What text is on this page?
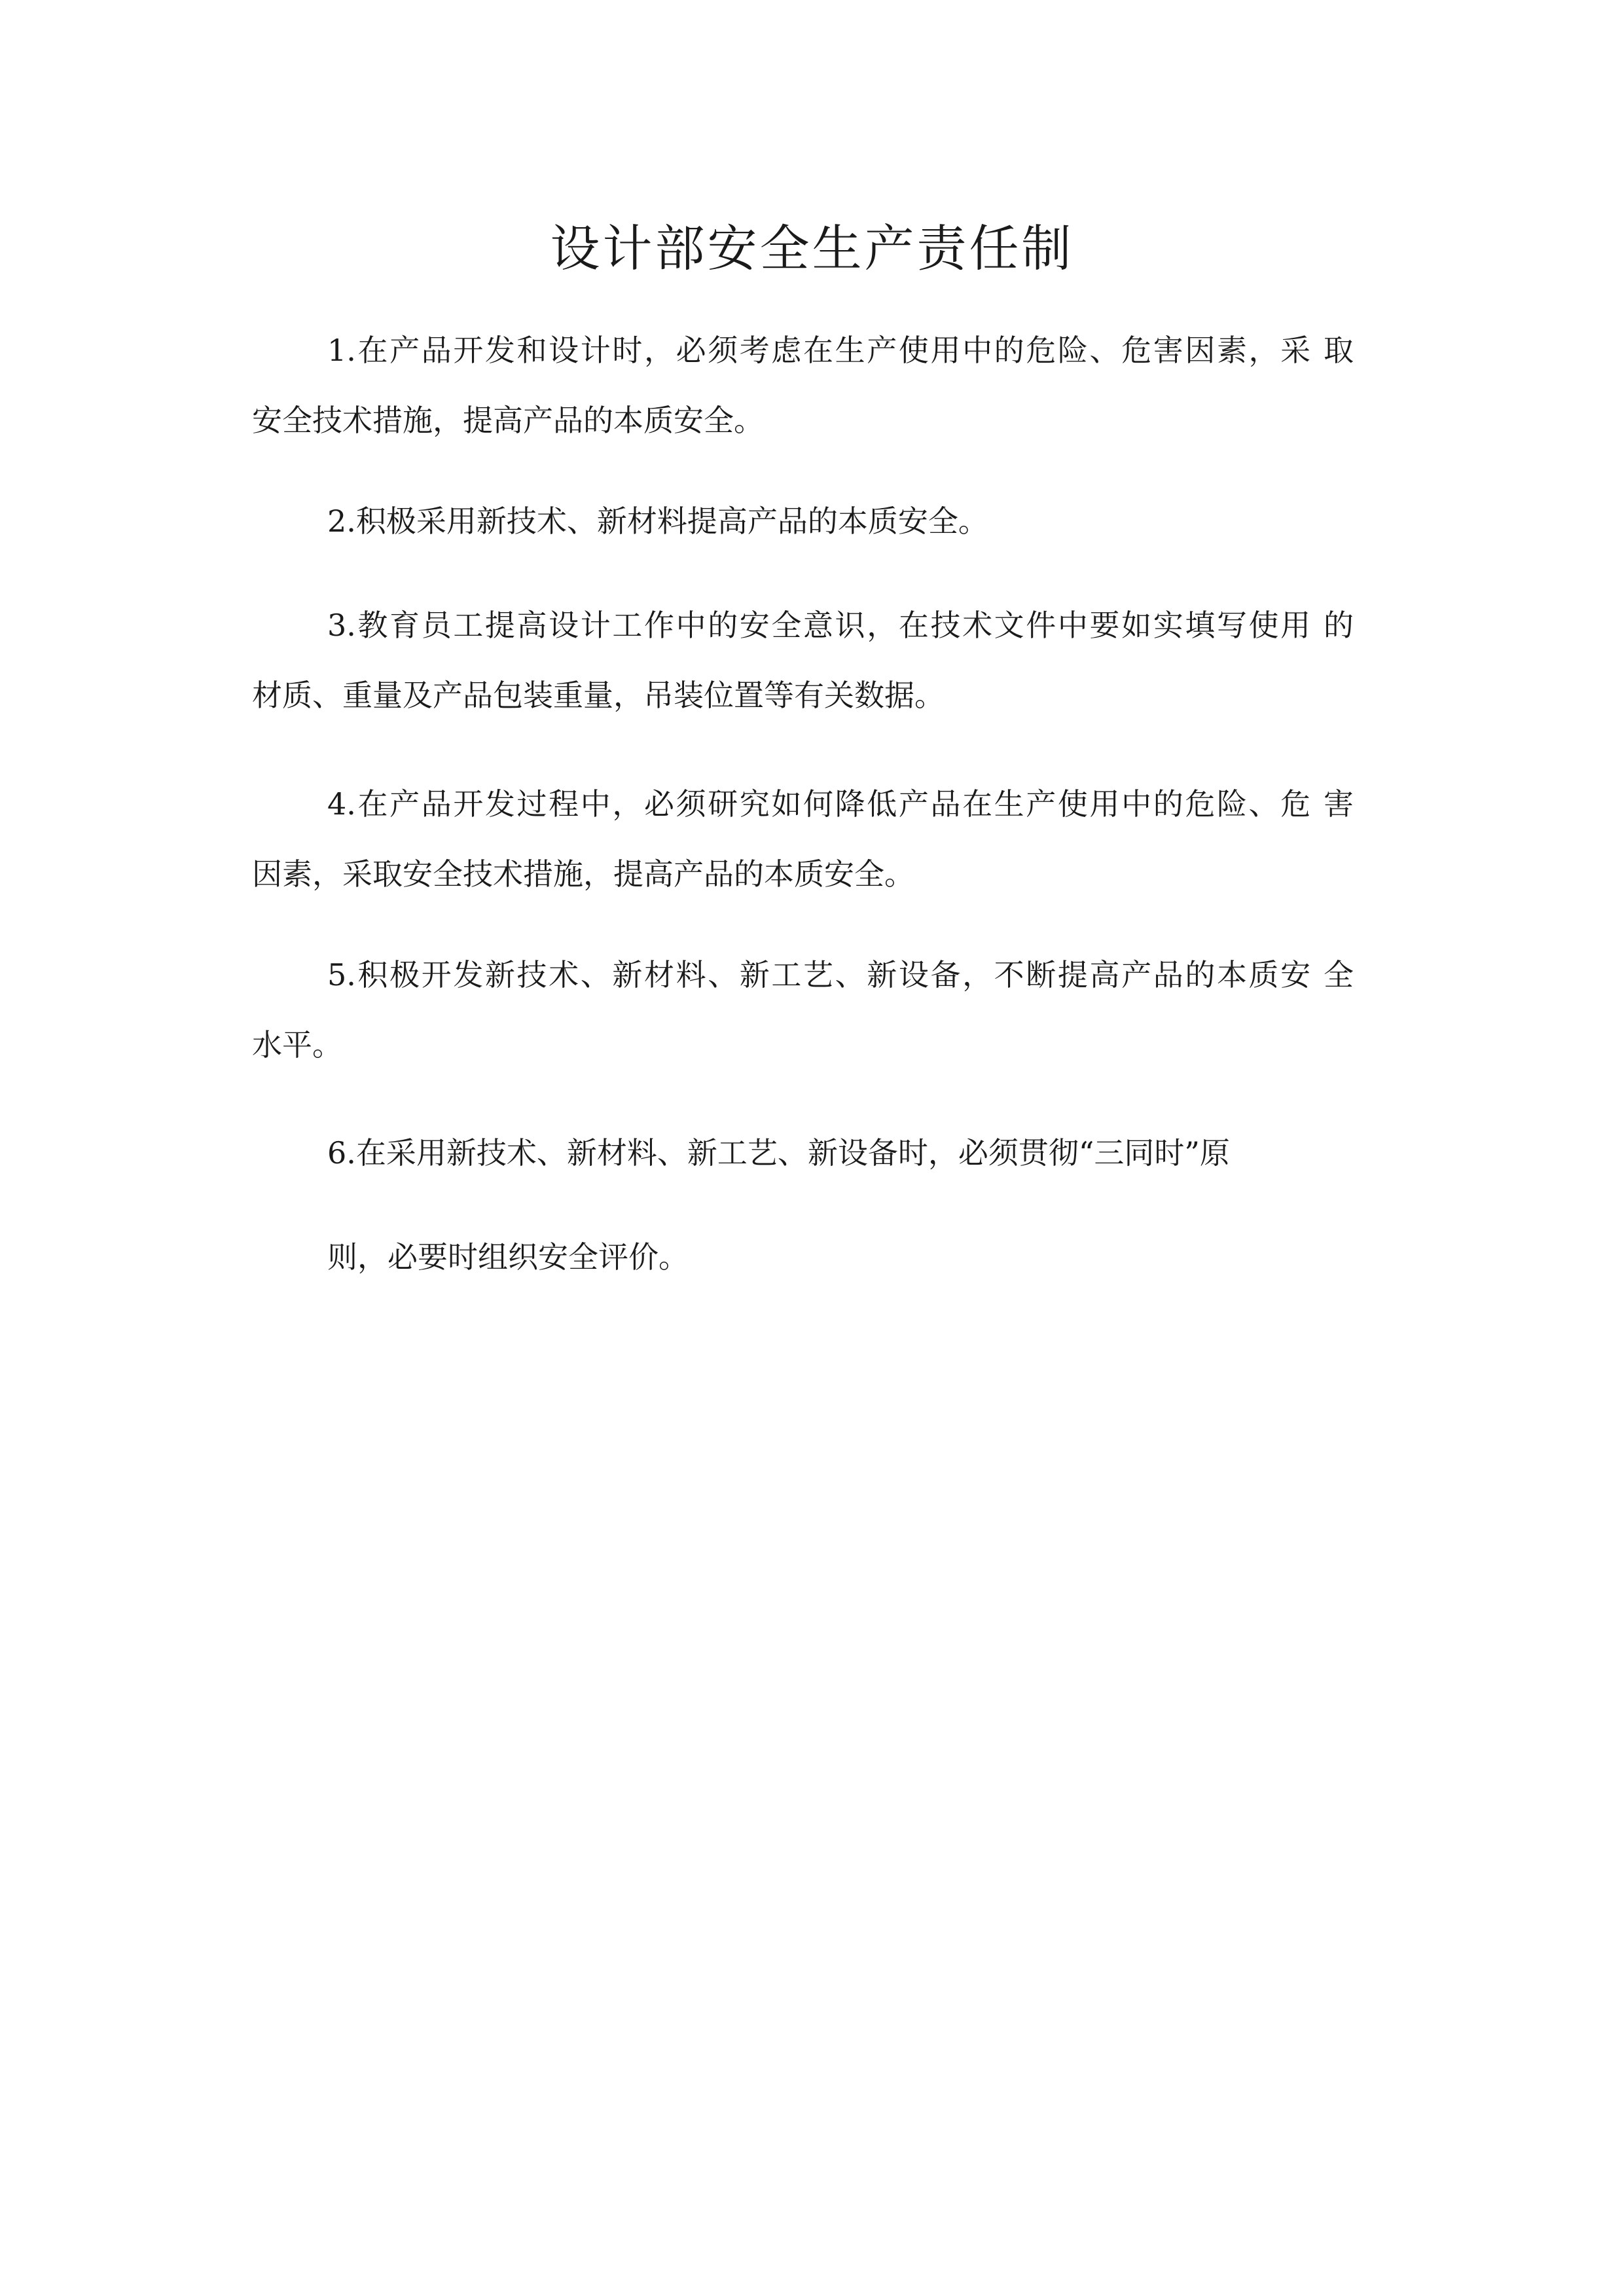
设计部安全生产责任制

1.在产品开发和设计时，必须考虑在生产使用中的危险、危害因素，采 取

安全技术措施，提高产品的本质安全。

2.积极采用新技术、新材料提高产品的本质安全。

3.教育员工提高设计工作中的安全意识，在技术文件中要如实填写使用 的

材质、重量及产品包装重量，吊装位置等有关数据。

4.在产品开发过程中，必须研究如何降低产品在生产使用中的危险、危 害

因素，采取安全技术措施，提高产品的本质安全。

5.积极开发新技术、新材料、新工艺、新设备，不断提高产品的本质安 全

水平。

6.在采用新技术、新材料、新工艺、新设备时，必须贯彻“三同时”原

则，必要时组织安全评价。
